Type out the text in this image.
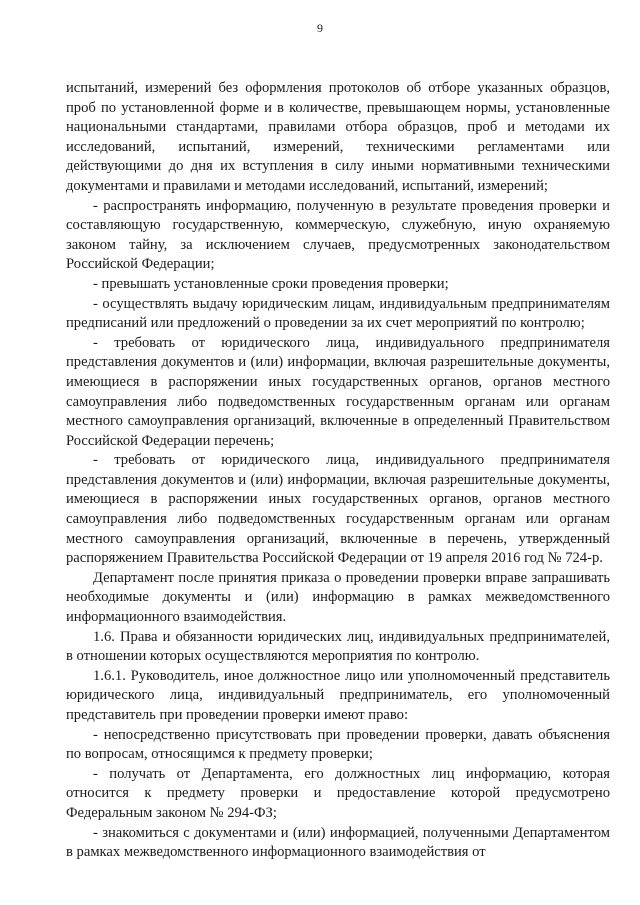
9

испытаний, измерений без оформления протоколов об отборе указанных образцов, проб по установленной форме и в количестве, превышающем нормы, установленные национальными стандартами, правилами отбора образцов, проб и методами их исследований, испытаний, измерений, техническими регламентами или действующими до дня их вступления в силу иными нормативными техническими документами и правилами и методами исследований, испытаний, измерений;

- распространять информацию, полученную в результате проведения проверки и составляющую государственную, коммерческую, служебную, иную охраняемую законом тайну, за исключением случаев, предусмотренных законодательством Российской Федерации;

- превышать установленные сроки проведения проверки;

- осуществлять выдачу юридическим лицам, индивидуальным предпринимателям предписаний или предложений о проведении за их счет мероприятий по контролю;

- требовать от юридического лица, индивидуального предпринимателя представления документов и (или) информации, включая разрешительные документы, имеющиеся в распоряжении иных государственных органов, органов местного самоуправления либо подведомственных государственным органам или органам местного самоуправления организаций, включенные в определенный Правительством Российской Федерации перечень;

- требовать от юридического лица, индивидуального предпринимателя представления документов и (или) информации, включая разрешительные документы, имеющиеся в распоряжении иных государственных органов, органов местного самоуправления либо подведомственных государственным органам или органам местного самоуправления организаций, включенные в перечень, утвержденный распоряжением Правительства Российской Федерации от 19 апреля 2016 год № 724-р.

Департамент после принятия приказа о проведении проверки вправе запрашивать необходимые документы и (или) информацию в рамках межведомственного информационного взаимодействия.

1.6. Права и обязанности юридических лиц, индивидуальных предпринимателей, в отношении которых осуществляются мероприятия по контролю.

1.6.1. Руководитель, иное должностное лицо или уполномоченный представитель юридического лица, индивидуальный предприниматель, его уполномоченный представитель при проведении проверки имеют право:

- непосредственно присутствовать при проведении проверки, давать объяснения по вопросам, относящимся к предмету проверки;

- получать от Департамента, его должностных лиц информацию, которая относится к предмету проверки и предоставление которой предусмотрено Федеральным законом № 294-ФЗ;

- знакомиться с документами и (или) информацией, полученными Департаментом в рамках межведомственного информационного взаимодействия от
